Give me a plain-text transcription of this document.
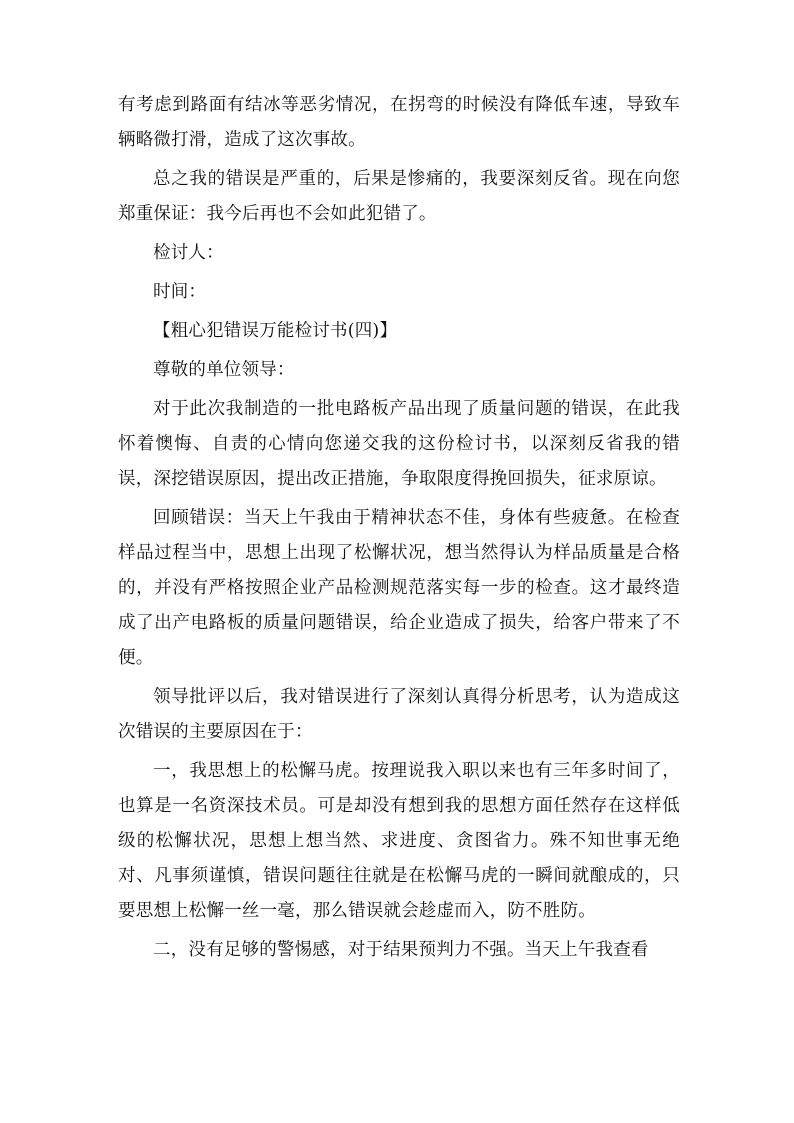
有考虑到路面有结冰等恶劣情况，在拐弯的时候没有降低车速，导致车辆略微打滑，造成了这次事故。

总之我的错误是严重的，后果是惨痛的，我要深刻反省。现在向您郑重保证：我今后再也不会如此犯错了。

检讨人：

时间：

【粗心犯错误万能检讨书(四)】

尊敬的单位领导：

对于此次我制造的一批电路板产品出现了质量问题的错误，在此我怀着懊悔、自责的心情向您递交我的这份检讨书，以深刻反省我的错误，深挖错误原因，提出改正措施，争取限度得挽回损失，征求原谅。

回顾错误：当天上午我由于精神状态不佳，身体有些疲惫。在检查样品过程当中，思想上出现了松懈状况，想当然得认为样品质量是合格的，并没有严格按照企业产品检测规范落实每一步的检查。这才最终造成了出产电路板的质量问题错误，给企业造成了损失，给客户带来了不便。

领导批评以后，我对错误进行了深刻认真得分析思考，认为造成这次错误的主要原因在于：

一，我思想上的松懈马虎。按理说我入职以来也有三年多时间了，也算是一名资深技术员。可是却没有想到我的思想方面任然存在这样低级的松懈状况，思想上想当然、求进度、贪图省力。殊不知世事无绝对、凡事须谨慎，错误问题往往就是在松懈马虎的一瞬间就酿成的，只要思想上松懈一丝一毫，那么错误就会趁虚而入，防不胜防。

二，没有足够的警惕感，对于结果预判力不强。当天上午我查看
